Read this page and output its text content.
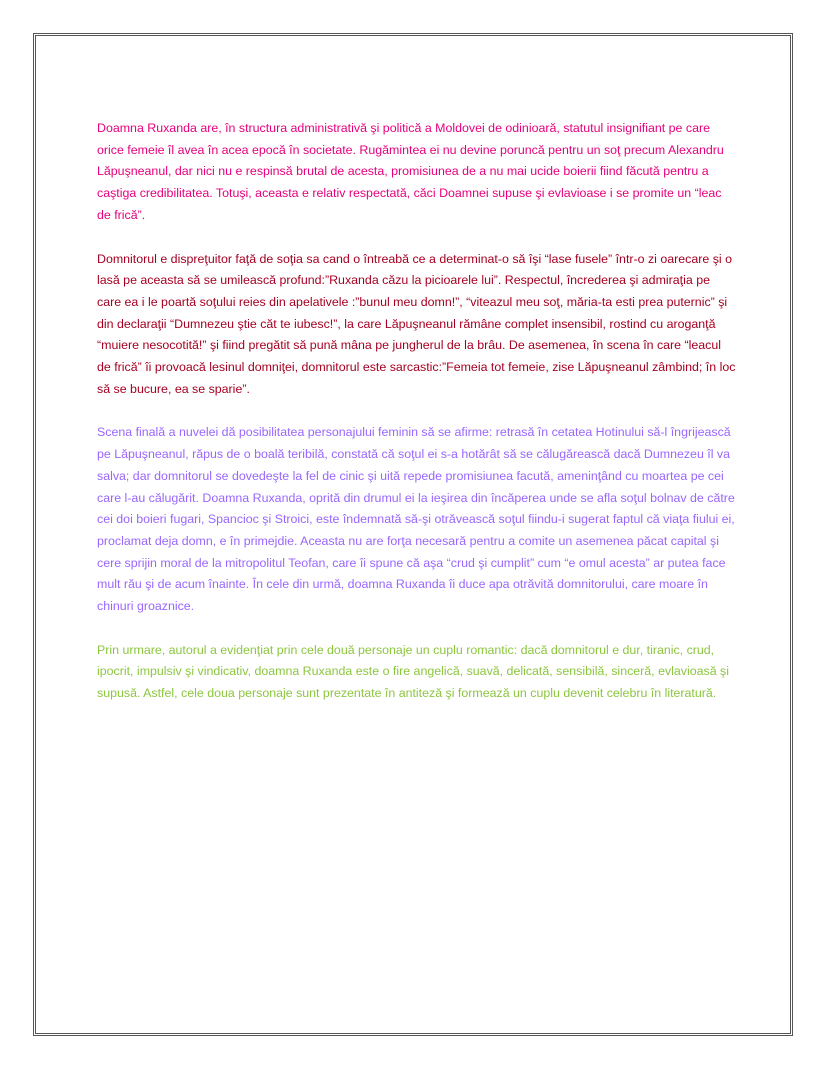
Doamna Ruxanda are, în structura administrativă şi politică a Moldovei de odinioară, statutul insignifiant pe care orice femeie îl avea în acea epocă în societate. Rugămintea ei nu devine poruncă pentru un soţ precum Alexandru Lăpuşneanul, dar nici nu e respinsă brutal de acesta, promisiunea de a nu mai ucide boierii fiind făcută pentru a caştiga credibilitatea. Totuşi, aceasta e relativ respectată, căci Doamnei supuse şi evlavioase i se promite un “leac de frică”.

Domnitorul e dispreţuitor faţă de soţia sa cand o întreabă ce a determinat-o să îşi “lase fusele” într-o zi oarecare şi o lasă pe aceasta să se umilească profund:”Ruxanda căzu la picioarele lui”. Respectul, încrederea şi admiraţia pe care ea i le poartă soţului reies din apelativele :”bunul meu domn!”, “viteazul meu soţ, măria-ta esti prea puternic” şi din declaraţii “Dumnezeu ştie căt te iubesc!”, la care Lăpuşneanul rămâne complet insensibil, rostind cu aroganţă “muiere nesocotită!” şi fiind pregătit să pună mâna pe jungherul de la brâu. De asemenea, în scena în care “leacul de frică” îi provoacă lesinul domniţei, domnitorul este sarcastic:”Femeia tot femeie, zise Lăpuşneanul zâmbind; în loc să se bucure, ea se sparie”.

Scena finală a nuvelei dă posibilitatea personajului feminin să se afirme: retrasă în cetatea Hotinului să-l îngrijească pe Lăpuşneanul, răpus de o boală teribilă, constată că soţul ei s-a hotărât să se călugărească dacă Dumnezeu îl va salva; dar domnitorul se dovedeşte la fel de cinic şi uită repede promisiunea facută, ameninţând cu moartea pe cei care l-au călugărit. Doamna Ruxanda, oprită din drumul ei la ieşirea din încăperea unde se afla soţul bolnav de către cei doi boieri fugari, Spancioc şi Stroici, este îndemnată să-şi otrăvească soţul fiindu-i sugerat faptul că viaţa fiului ei, proclamat deja domn, e în primejdie. Aceasta nu are forţa necesară pentru a comite un asemenea păcat capital şi cere sprijin moral de la mitropolitul Teofan, care îi spune că aşa “crud şi cumplit” cum “e omul acesta” ar putea face mult rău şi de acum înainte. În cele din urmă, doamna Ruxanda îi duce apa otrăvită domnitorului, care moare în chinuri groaznice.

Prin urmare, autorul a evidenţiat prin cele două personaje un cuplu romantic: dacă domnitorul e dur, tiranic, crud, ipocrit, impulsiv şi vindicativ, doamna Ruxanda este o fire angelică, suavă, delicată, sensibilă, sinceră, evlavioasă şi supusă. Astfel, cele doua personaje sunt prezentate în antiteză şi formează un cuplu devenit celebru în literatură.
